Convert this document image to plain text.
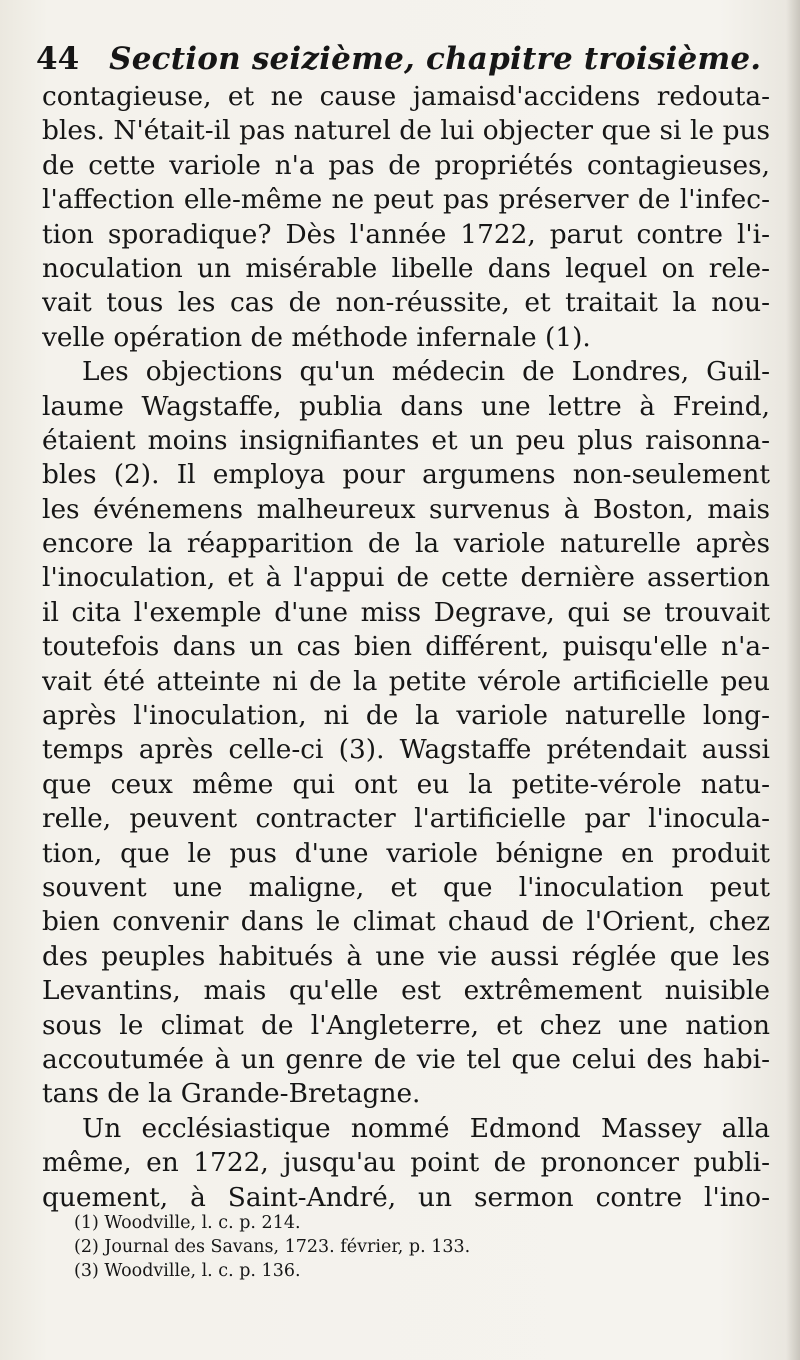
44 Section seizième, chapitre troisième.
contagieuse, et ne cause jamaisd'accidens redouta-
bles. N'était-il pas naturel de lui objecter que si le pus
de cette variole n'a pas de propriétés contagieuses,
l'affection elle-même ne peut pas préserver de l'infec-
tion sporadique? Dès l'année 1722, parut contre l'i-
noculation un misérable libelle dans lequel on rele-
vait tous les cas de non-réussite, et traitait la nou-
vell⁠e opération de méthode infernale (1).
Les objections qu'un médecin de Londres, Guil-
laume Wagstaffe, publia dans une lettre à Freind,
étaient moins insignifiantes et un peu plus raisonna-
bles (2). Il employa pour argumens non-seulement
les événemens malheureux survenus à Boston, mais
encore la réapparition de la variole naturelle après
l'inoculation, et à l'appui de cette dernière assertion
il cita l'exemple d'une miss Degrave, qui se trouvait
toutefois dans un cas bien différent, puisqu'elle n'a-
vait été atteinte ni de la petite vérole artificielle peu
après l'inoculation, ni de la variole naturelle long-
temps après celle-ci (3). Wagstaffe prétendait aussi
que ceux même qui ont eu la petite-vérole natu-
relle, peuvent contracter l'artificielle par l'inocula-
tion, que le pus d'une variole bénigne en produit
souvent une maligne, et que l'inoculation peut
bien convenir dans le climat chaud de l'Orient, chez
des peuples habitués à une vie aussi réglée que les
Levantins, mais qu'elle est extrêmement nuisible
sous le climat de l'Angleterre, et chez une nation
accoutumée à un genre de vie tel que celui des habi-
tans de la Grande-Bretagne.
Un ecclésiastique nommé Edmond Massey alla
même, en 1722, jusqu'au point de prononcer publi-
quement, à Saint-André, un sermon contre l'ino-
(1) Woodville, l. c. p. 214.
(2) Journal des Savans, 1723. février, p. 133.
(3) Woodville, l. c. p. 136.
